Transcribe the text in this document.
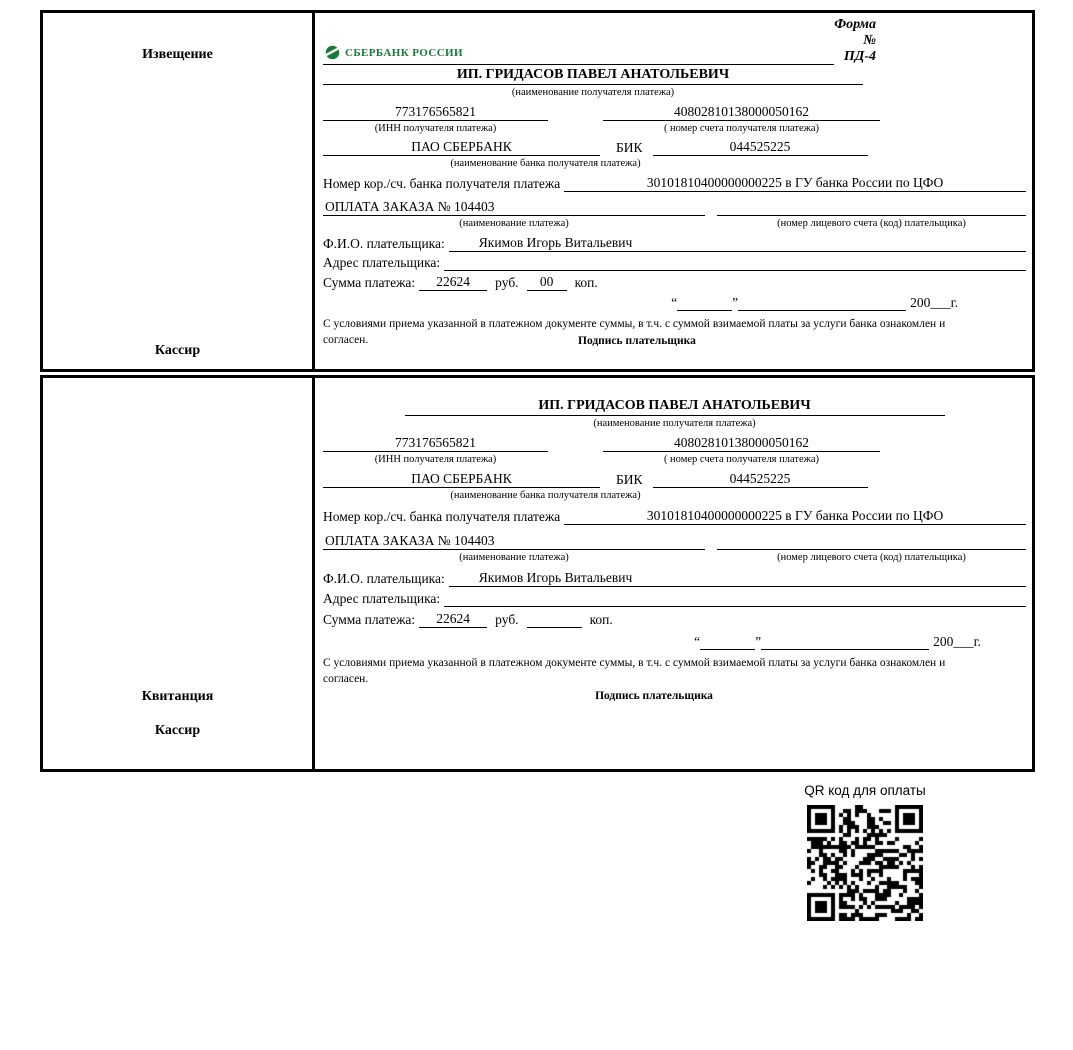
Извещение
Кассир
СБЕРБАНК РОССИИ
Форма № ПД-4
ИП. ГРИДАСОВ ПАВЕЛ АНАТОЛЬЕВИЧ
(наименование получателя платежа)
773176565821	40802810138000050162
(ИНН получателя платежа)	( номер счета получателя платежа)
ПАО СБЕРБАНК	БИК	044525225
(наименование банка получателя платежа)
Номер кор./сч. банка получателя платежа	30101810400000000225 в ГУ банка России по ЦФО
ОПЛАТА ЗАКАЗА № 104403
(наименование платежа)	(номер лицевого счета (код) плательщика)
Ф.И.О. плательщика:	Якимов Игорь Витальевич
Адрес плательщика:
Сумма платежа:	22624	руб.	00	коп.
“	”	200___г.
С условиями приема указанной в платежном документе суммы, в т.ч. с суммой взимаемой платы за услуги банка ознакомлен и согласен.	Подпись плательщика
Квитанция
Кассир
ИП. ГРИДАСОВ ПАВЕЛ АНАТОЛЬЕВИЧ
(наименование получателя платежа)
773176565821	40802810138000050162
(ИНН получателя платежа)	( номер счета получателя платежа)
ПАО СБЕРБАНК	БИК	044525225
(наименование банка получателя платежа)
Номер кор./сч. банка получателя платежа	30101810400000000225 в ГУ банка России по ЦФО
ОПЛАТА ЗАКАЗА № 104403
(наименование платежа)	(номер лицевого счета (код) плательщика)
Ф.И.О. плательщика:	Якимов Игорь Витальевич
Адрес плательщика:
Сумма платежа:	22624	руб.	коп.
“	”	200___г.
С условиями приема указанной в платежном документе суммы, в т.ч. с суммой взимаемой платы за услуги банка ознакомлен и согласен.
Подпись плательщика
QR код для оплаты
